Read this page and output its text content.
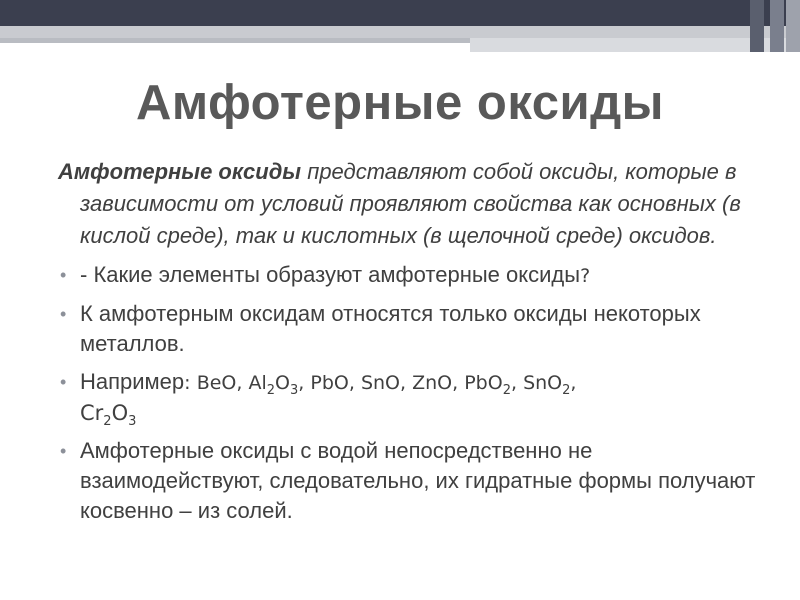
Амфотерные оксиды

Амфотерные оксиды представляют собой оксиды, которые в зависимости от условий проявляют свойства как основных (в кислой среде), так и кислотных (в щелочной среде) оксидов.

• - Какие элементы образуют амфотерные оксиды?
• К амфотерным оксидам относятся только оксиды некоторых металлов.
• Например: BeO, $Al_2O_3$, PbO, SnO, ZnO, PbO$_2$, SnO$_2$,
$Cr_2O_3$
• Амфотерные оксиды с водой непосредственно не взаимодействуют, следовательно, их гидратные формы получают косвенно – из солей.
